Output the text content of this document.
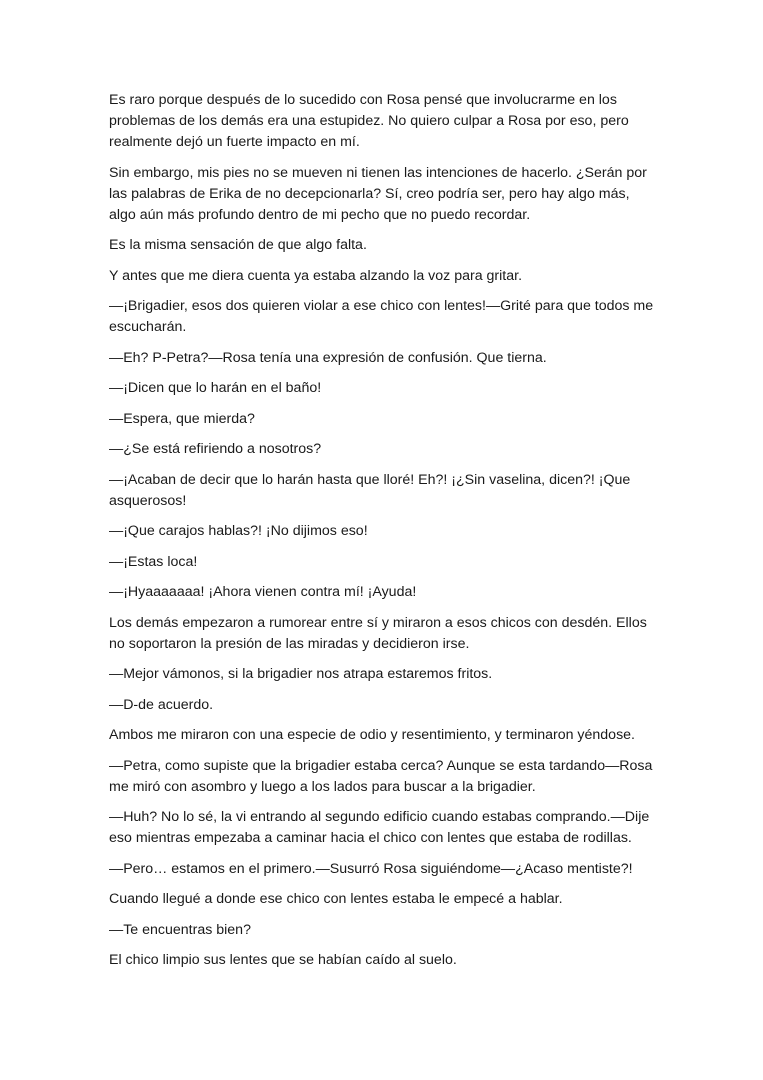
Es raro porque después de lo sucedido con Rosa pensé que involucrarme en los problemas de los demás era una estupidez. No quiero culpar a Rosa por eso, pero realmente dejó un fuerte impacto en mí.

Sin embargo, mis pies no se mueven ni tienen las intenciones de hacerlo. ¿Serán por las palabras de Erika de no decepcionarla? Sí, creo podría ser, pero hay algo más, algo aún más profundo dentro de mi pecho que no puedo recordar.

Es la misma sensación de que algo falta.

Y antes que me diera cuenta ya estaba alzando la voz para gritar.

—¡Brigadier, esos dos quieren violar a ese chico con lentes!—Grité para que todos me escucharán.

—Eh? P-Petra?—Rosa tenía una expresión de confusión. Que tierna.

—¡Dicen que lo harán en el baño!

—Espera, que mierda?

—¿Se está refiriendo a nosotros?

—¡Acaban de decir que lo harán hasta que lloré! Eh?! ¡¿Sin vaselina, dicen?! ¡Que asquerosos!

—¡Que carajos hablas?! ¡No dijimos eso!

—¡Estas loca!

—¡Hyaaaaaaa! ¡Ahora vienen contra mí! ¡Ayuda!

Los demás empezaron a rumorear entre sí y miraron a esos chicos con desdén. Ellos no soportaron la presión de las miradas y decidieron irse.

—Mejor vámonos, si la brigadier nos atrapa estaremos fritos.

—D-de acuerdo.

Ambos me miraron con una especie de odio y resentimiento, y terminaron yéndose.

—Petra, como supiste que la brigadier estaba cerca? Aunque se esta tardando—Rosa me miró con asombro y luego a los lados para buscar a la brigadier.

—Huh? No lo sé, la vi entrando al segundo edificio cuando estabas comprando.—Dije eso mientras empezaba a caminar hacia el chico con lentes que estaba de rodillas.

—Pero… estamos en el primero.—Susurró Rosa siguiéndome—¿Acaso mentiste?!

Cuando llegué a donde ese chico con lentes estaba le empecé a hablar.

—Te encuentras bien?

El chico limpio sus lentes que se habían caído al suelo.
